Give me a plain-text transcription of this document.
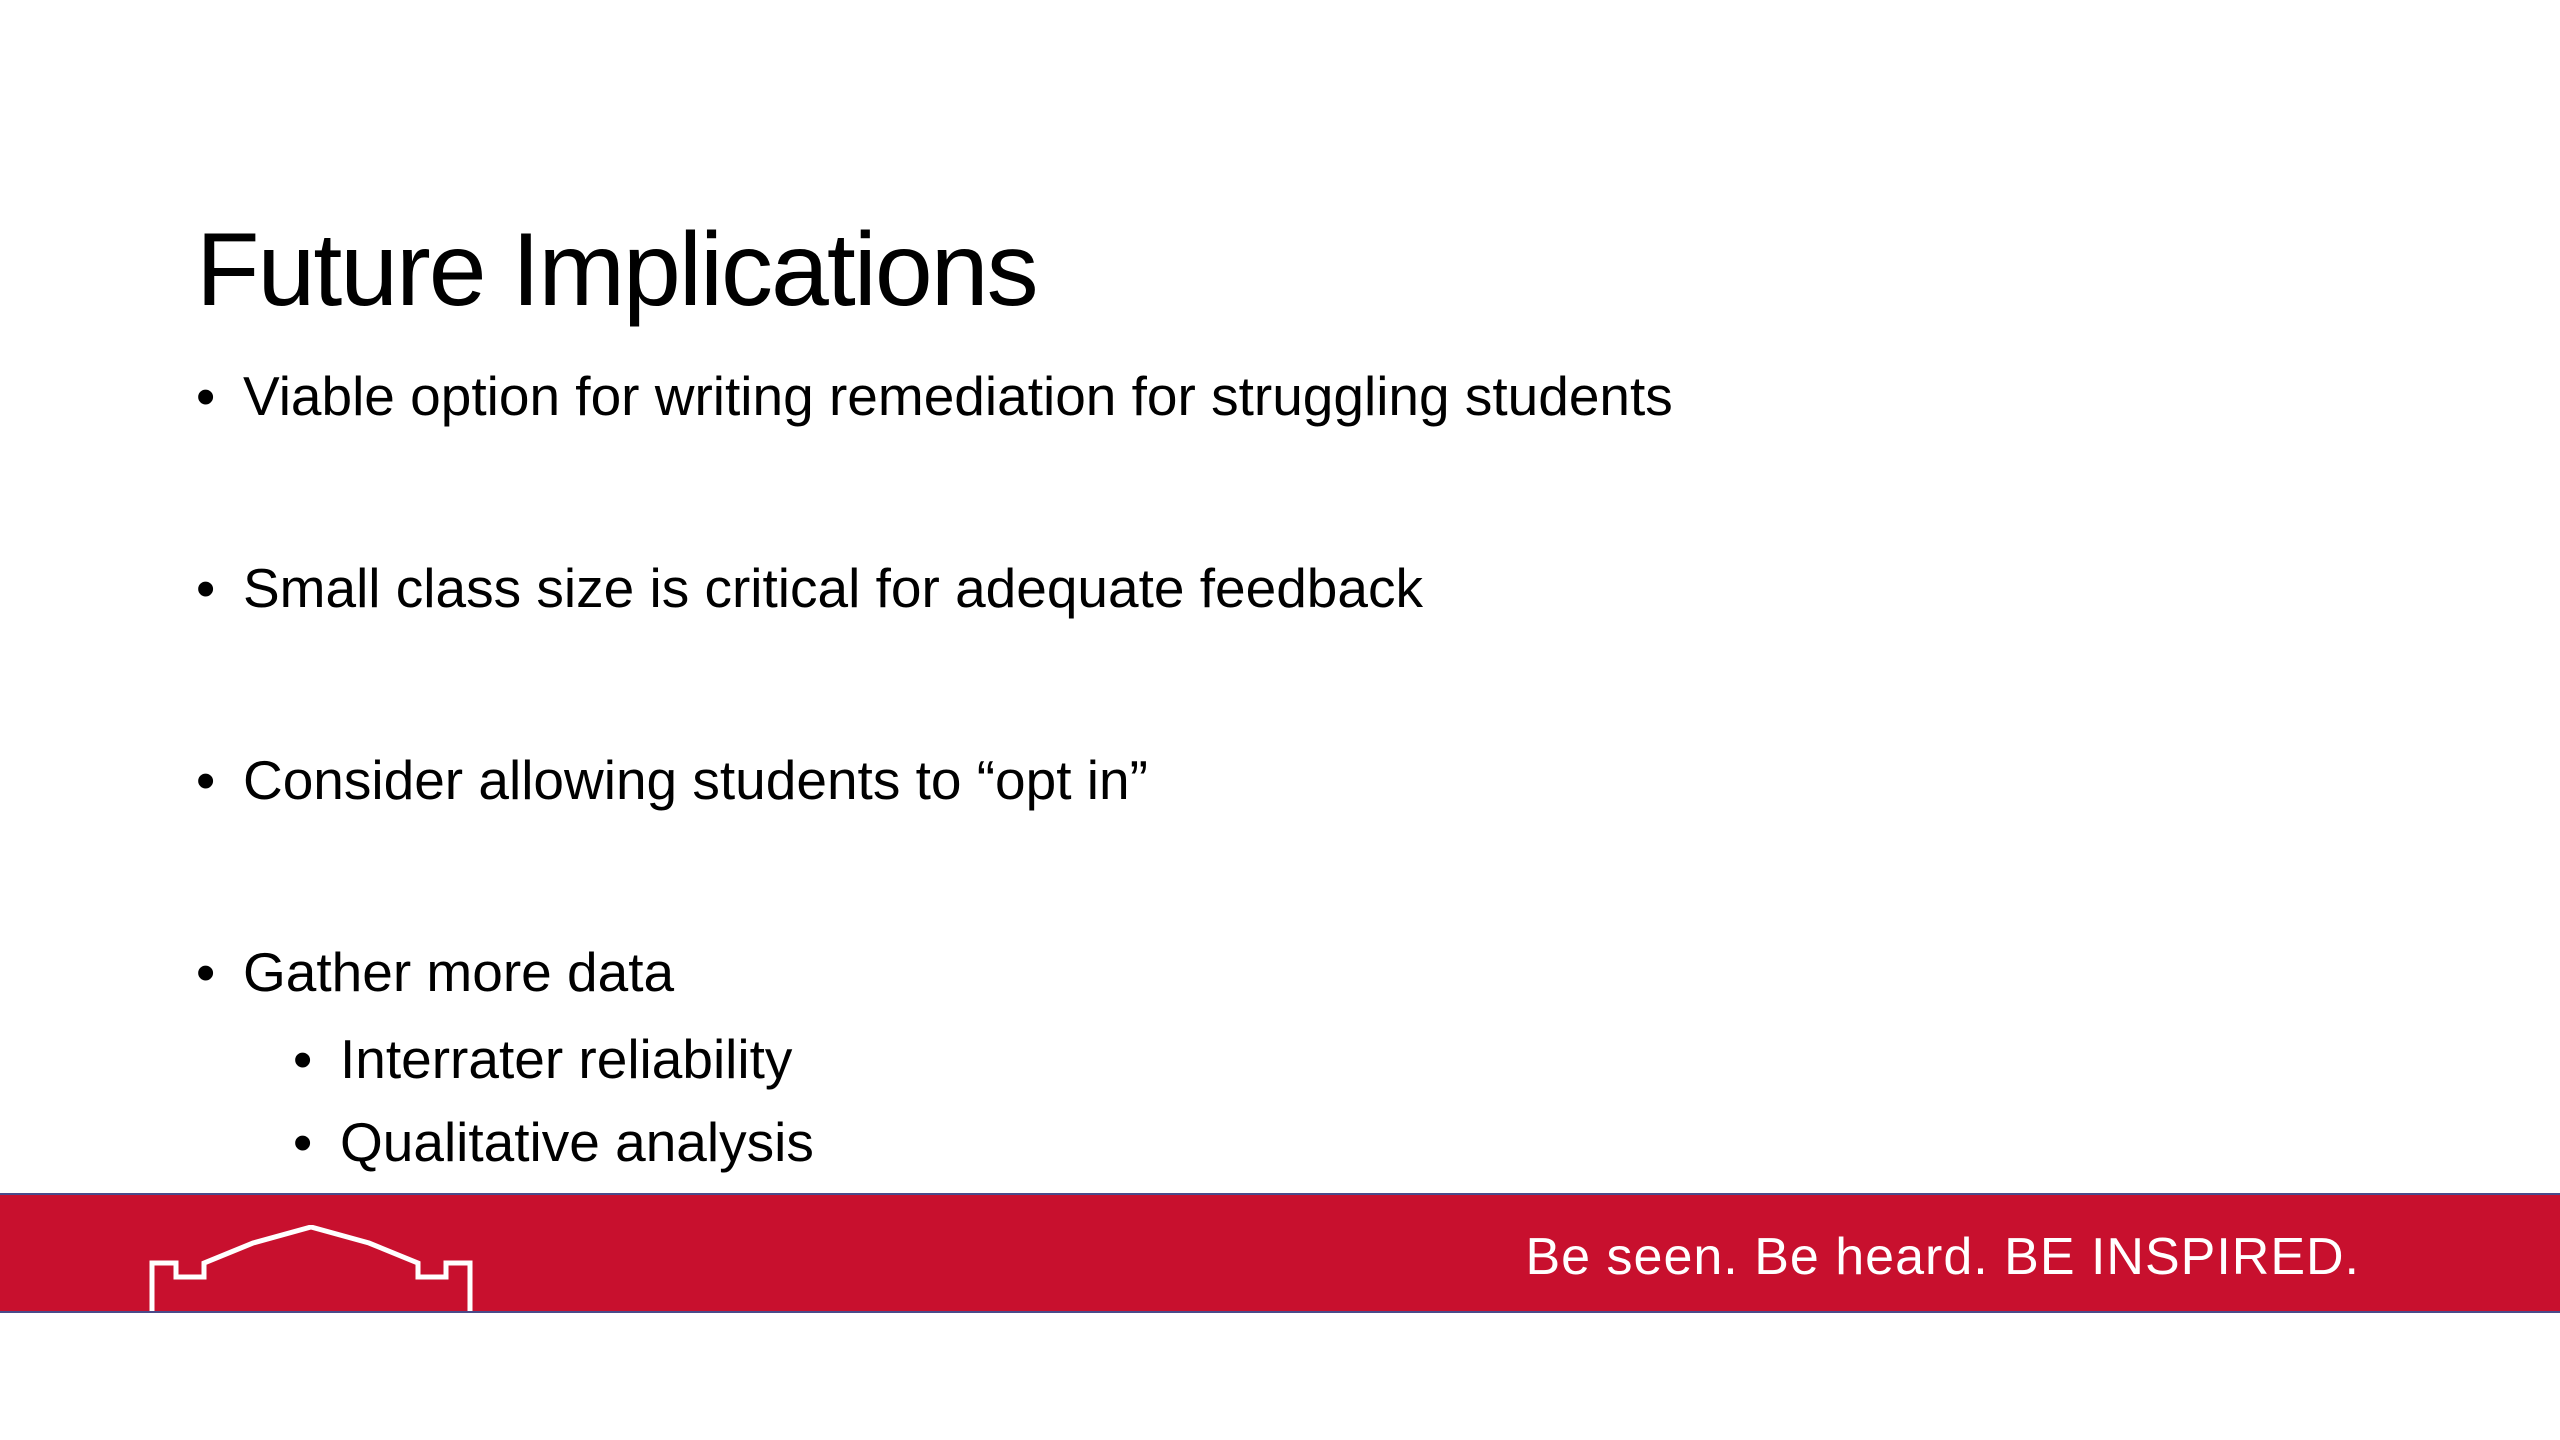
Future Implications
• Viable option for writing remediation for struggling students
• Small class size is critical for adequate feedback
• Consider allowing students to “opt in”
• Gather more data
• Interrater reliability
• Qualitative analysis
Be seen. Be heard. BE INSPIRED.
